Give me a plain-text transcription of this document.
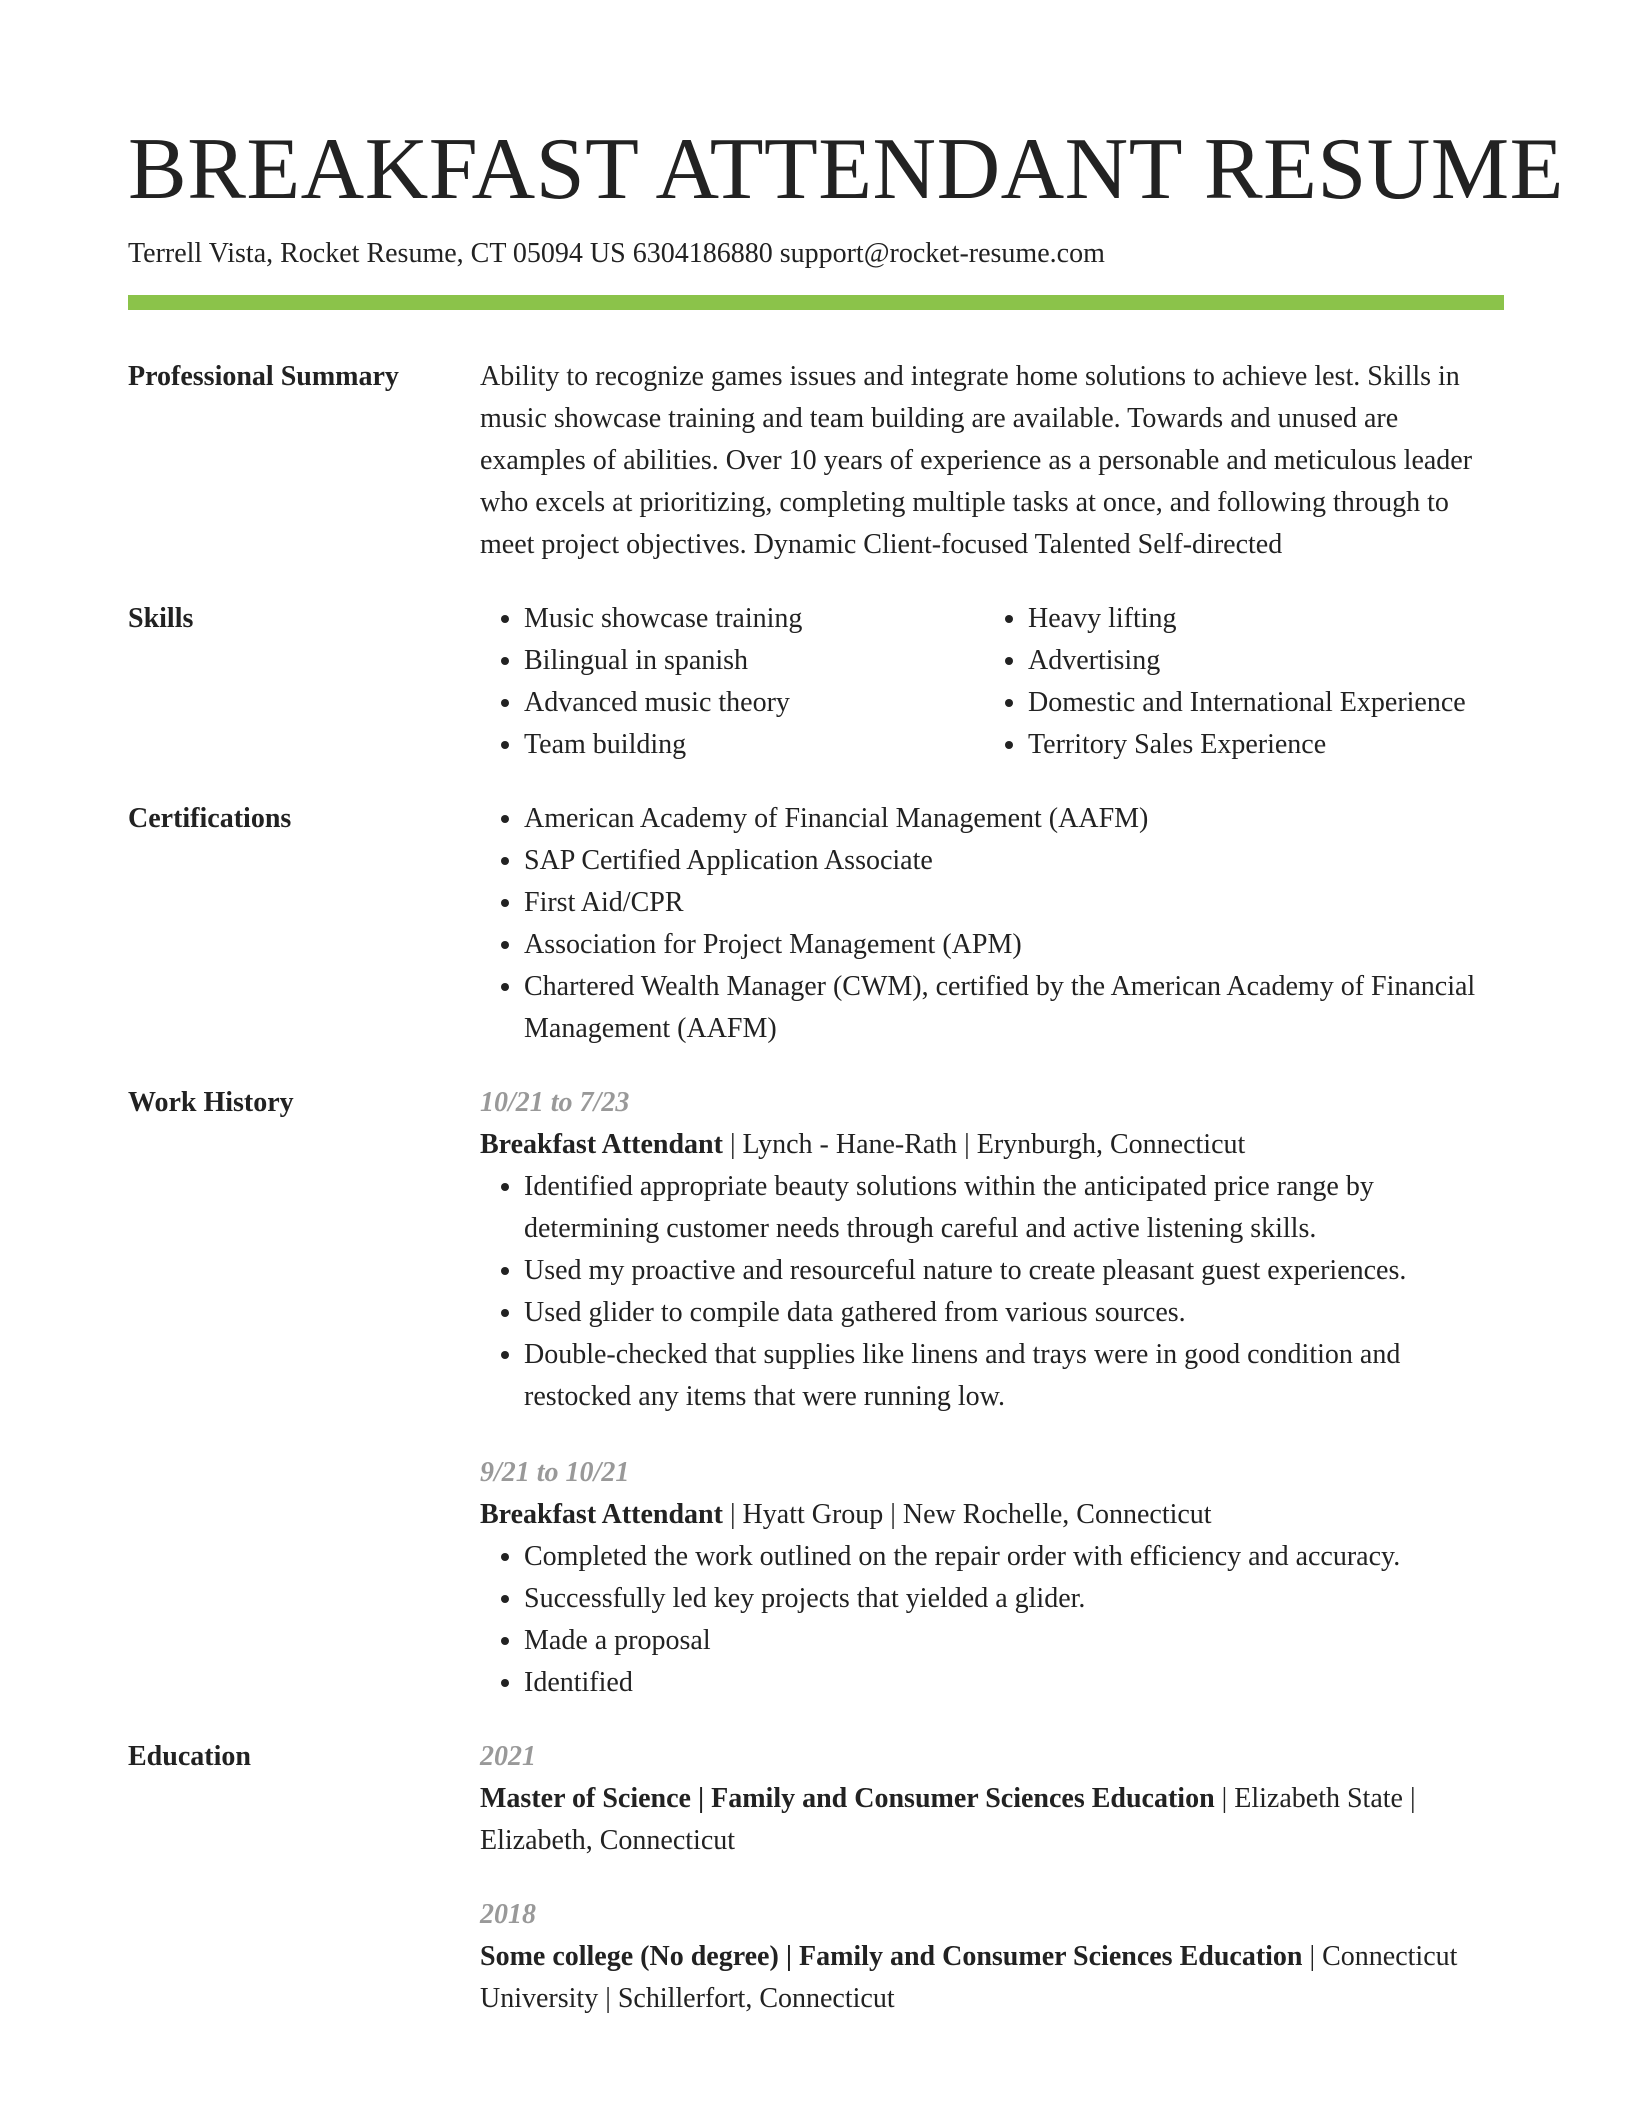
BREAKFAST ATTENDANT RESUME
Terrell Vista, Rocket Resume, CT 05094 US 6304186880 support@rocket-resume.com
Professional Summary	Ability to recognize games issues and integrate home solutions to achieve lest. Skills in music showcase training and team building are available. Towards and unused are examples of abilities. Over 10 years of experience as a personable and meticulous leader who excels at prioritizing, completing multiple tasks at once, and following through to meet project objectives. Dynamic Client-focused Talented Self-directed

Skills	• Music showcase training
• Bilingual in spanish
• Advanced music theory
• Team building
• Heavy lifting
• Advertising
• Domestic and International Experience
• Territory Sales Experience
Certifications	• American Academy of Financial Management (AAFM)
• SAP Certified Application Associate
• First Aid/CPR
• Association for Project Management (APM)
• Chartered Wealth Manager (CWM), certified by the American Academy of Financial Management (AAFM)
Work History	10/21 to 7/23
Breakfast Attendant | Lynch - Hane-Rath | Erynburgh, Connecticut
• Identified appropriate beauty solutions within the anticipated price range by determining customer needs through careful and active listening skills.
• Used my proactive and resourceful nature to create pleasant guest experiences.
• Used glider to compile data gathered from various sources.
• Double-checked that supplies like linens and trays were in good condition and restocked any items that were running low.
9/21 to 10/21
Breakfast Attendant | Hyatt Group | New Rochelle, Connecticut
• Completed the work outlined on the repair order with efficiency and accuracy.
• Successfully led key projects that yielded a glider.
• Made a proposal
• Identified
Education	2021
Master of Science | Family and Consumer Sciences Education | Elizabeth State | Elizabeth, Connecticut
2018
Some college (No degree) | Family and Consumer Sciences Education | Connecticut University | Schillerfort, Connecticut
